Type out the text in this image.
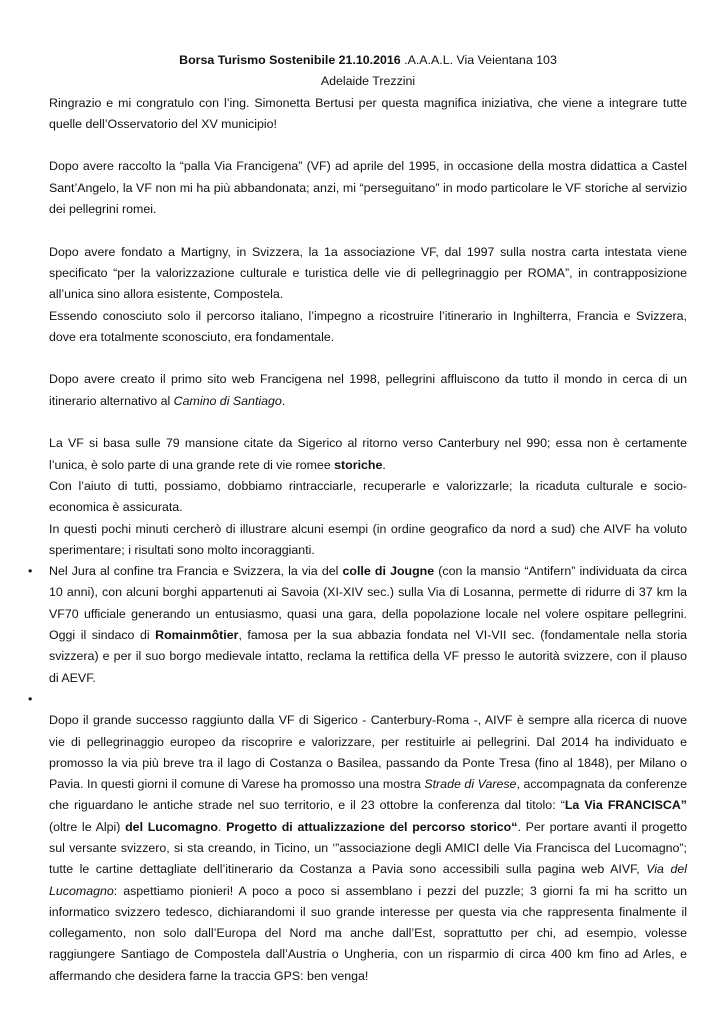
Borsa Turismo Sostenibile 21.10.2016 .A.A.A.L. Via Veientana 103

Adelaide Trezzini

Ringrazio e mi congratulo con l’ing. Simonetta Bertusi per questa magnifica iniziativa, che viene a integrare tutte quelle dell’Osservatorio del XV municipio!

Dopo avere raccolto la “palla Via Francigena” (VF) ad aprile del 1995, in occasione della mostra didattica a Castel Sant’Angelo, la VF non mi ha più abbandonata; anzi, mi “perseguitano” in modo particolare le VF storiche al servizio dei pellegrini romei.

Dopo avere fondato a Martigny, in Svizzera, la 1a associazione VF, dal 1997 sulla nostra carta intestata viene specificato “per la valorizzazione culturale e turistica delle vie di pellegrinaggio per ROMA”, in contrapposizione all’unica sino allora esistente, Compostela.

Essendo conosciuto solo il percorso italiano, l’impegno a ricostruire l’itinerario in Inghilterra, Francia e Svizzera, dove era totalmente sconosciuto, era fondamentale.

Dopo avere creato il primo sito web Francigena nel 1998, pellegrini affluiscono da tutto il mondo in cerca di un itinerario alternativo al Camino di Santiago.

La VF si basa sulle 79 mansione citate da Sigerico al ritorno verso Canterbury nel 990; essa non è certamente l’unica, è solo parte di una grande rete di vie romee storiche.

Con l’aiuto di tutti, possiamo, dobbiamo rintracciarle, recuperarle e valorizzarle; la ricaduta culturale e socio-economica è assicurata.

In questi pochi minuti cercherò di illustrare alcuni esempi (in ordine geografico da nord a sud) che AIVF ha voluto sperimentare; i risultati sono molto incoraggianti.

• Nel Jura al confine tra Francia e Svizzera, la via del colle di Jougne (con la mansio “Antifern” individuata da circa 10 anni), con alcuni borghi appartenuti ai Savoia (XI-XIV sec.) sulla Via di Losanna, permette di ridurre di 37 km la VF70 ufficiale generando un entusiasmo, quasi una gara, della popolazione locale nel volere ospitare pellegrini. Oggi il sindaco di Romainmôtier, famosa per la sua abbazia fondata nel VI-VII sec. (fondamentale nella storia svizzera) e per il suo borgo medievale intatto, reclama la rettifica della VF presso le autorità svizzere, con il plauso di AEVF.

•

Dopo il grande successo raggiunto dalla VF di Sigerico - Canterbury-Roma -, AIVF è sempre alla ricerca di nuove vie di pellegrinaggio europeo da riscoprire e valorizzare, per restituirle ai pellegrini. Dal 2014 ha individuato e promosso la via più breve tra il lago di Costanza o Basilea, passando da Ponte Tresa (fino al 1848), per Milano o Pavia. In questi giorni il comune di Varese ha promosso una mostra Strade di Varese, accompagnata da conferenze che riguardano le antiche strade nel suo territorio, e il 23 ottobre la conferenza dal titolo: “La Via FRANCISCA” (oltre le Alpi) del Lucomagno. Progetto di attualizzazione del percorso storico“. Per portare avanti il progetto sul versante svizzero, si sta creando, in Ticino, un ‘”associazione degli AMICI delle Via Francisca del Lucomagno”; tutte le cartine dettagliate dell’itinerario da Costanza a Pavia sono accessibili sulla pagina web AIVF, Via del Lucomagno: aspettiamo pionieri! A poco a poco si assemblano i pezzi del puzzle; 3 giorni fa mi ha scritto un informatico svizzero tedesco, dichiarandomi il suo grande interesse per questa via che rappresenta finalmente il collegamento, non solo dall’Europa del Nord ma anche dall’Est, soprattutto per chi, ad esempio, volesse raggiungere Santiago de Compostela dall’Austria o Ungheria, con un risparmio di circa 400 km fino ad Arles, e affermando che desidera farne la traccia GPS: ben venga!
